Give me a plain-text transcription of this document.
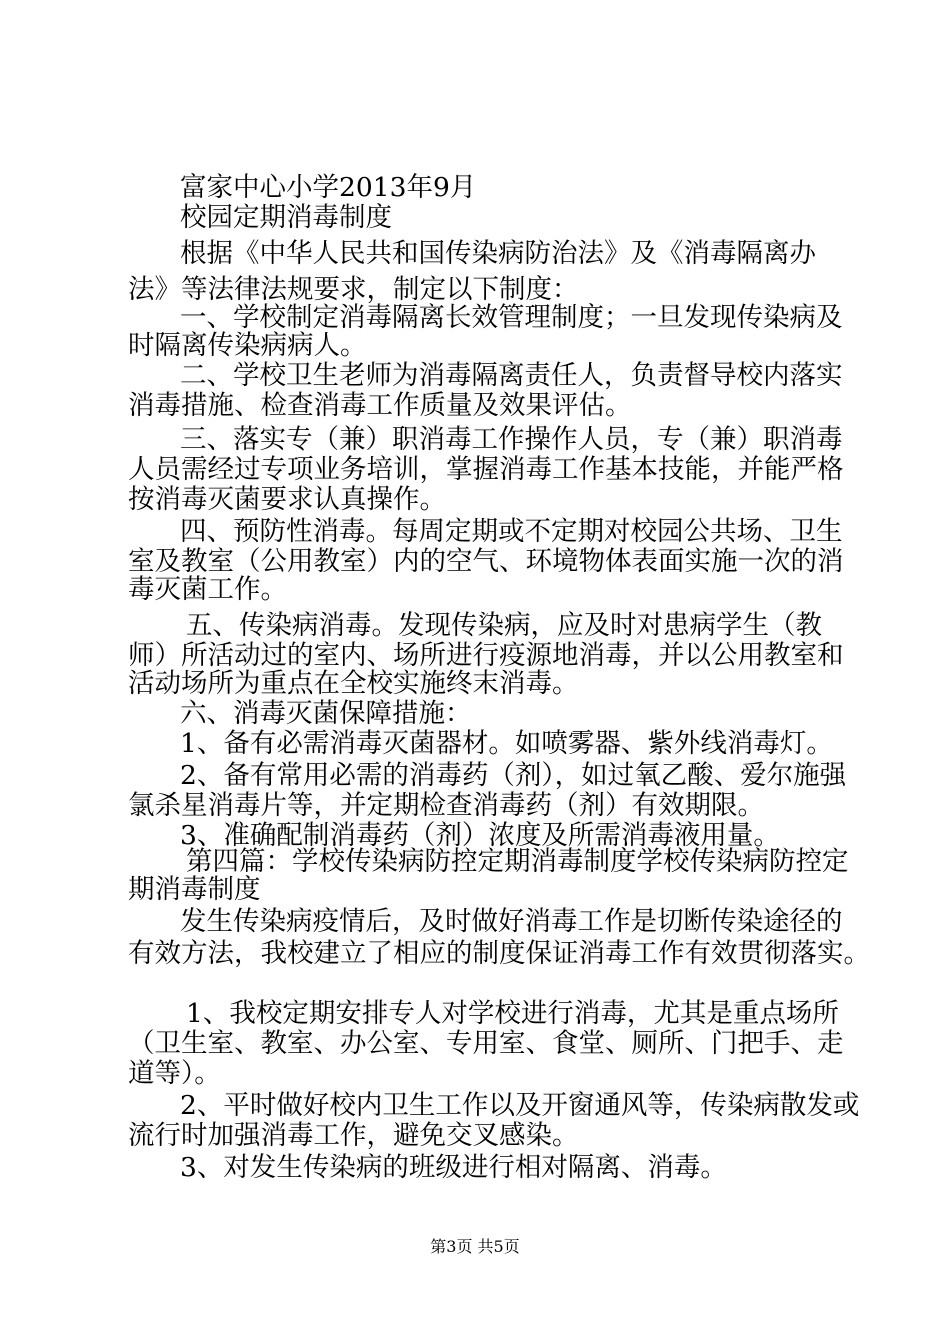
富家中心小学2013年9月
校园定期消毒制度
根据《中华人民共和国传染病防治法》及《消毒隔离办
法》等法律法规要求，制定以下制度：
一、学校制定消毒隔离长效管理制度；一旦发现传染病及
时隔离传染病病人。
二、学校卫生老师为消毒隔离责任人，负责督导校内落实
消毒措施、检查消毒工作质量及效果评估。
三、落实专（兼）职消毒工作操作人员，专（兼）职消毒
人员需经过专项业务培训，掌握消毒工作基本技能，并能严格
按消毒灭菌要求认真操作。
四、预防性消毒。每周定期或不定期对校园公共场、卫生
室及教室（公用教室）内的空气、环境物体表面实施一次的消
毒灭菌工作。
五、传染病消毒。发现传染病，应及时对患病学生（教
师）所活动过的室内、场所进行疫源地消毒，并以公用教室和
活动场所为重点在全校实施终末消毒。
六、消毒灭菌保障措施：
1、备有必需消毒灭菌器材。如喷雾器、紫外线消毒灯。
2、备有常用必需的消毒药（剂），如过氧乙酸、爱尔施强
氯杀星消毒片等，并定期检查消毒药（剂）有效期限。
3、准确配制消毒药（剂）浓度及所需消毒液用量。
第四篇：学校传染病防控定期消毒制度学校传染病防控定
期消毒制度
发生传染病疫情后，及时做好消毒工作是切断传染途径的
有效方法，我校建立了相应的制度保证消毒工作有效贯彻落实。
1、我校定期安排专人对学校进行消毒，尤其是重点场所
（卫生室、教室、办公室、专用室、食堂、厕所、门把手、走
道等）。
2、平时做好校内卫生工作以及开窗通风等，传染病散发或
流行时加强消毒工作，避免交叉感染。
3、对发生传染病的班级进行相对隔离、消毒。
第3页 共5页
